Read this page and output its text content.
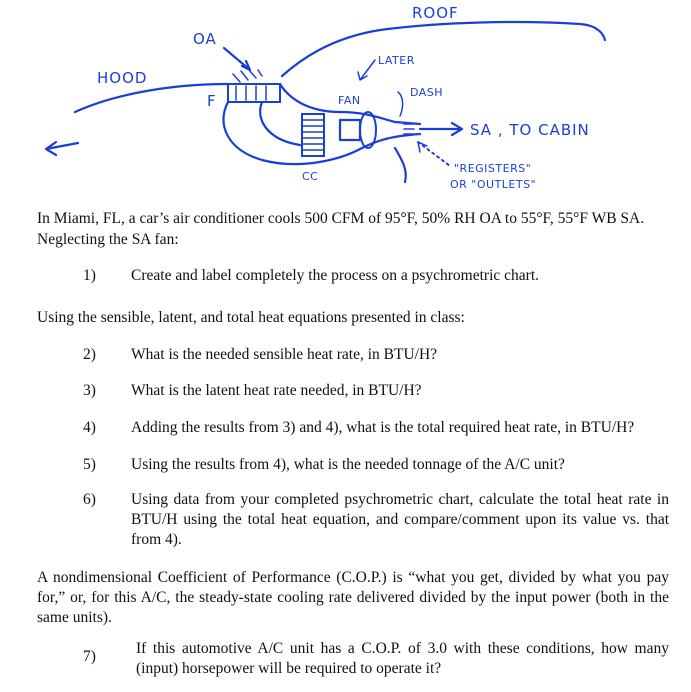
ROOF
OA
HOOD
F
CC
FAN
LATER
DASH
SA , TO CABIN
"REGISTERS"
OR "OUTLETS"
In Miami, FL, a car’s air conditioner cools 500 CFM of 95°F, 50% RH OA to 55°F, 55°F WB SA.
Neglecting the SA fan:
1)	Create and label completely the process on a psychrometric chart.
Using the sensible, latent, and total heat equations presented in class:
2)	What is the needed sensible heat rate, in BTU/H?
3)	What is the latent heat rate needed, in BTU/H?
4)	Adding the results from 3) and 4), what is the total required heat rate, in BTU/H?
5)	Using the results from 4), what is the needed tonnage of the A/C unit?
6)	Using data from your completed psychrometric chart, calculate the total heat rate in BTU/H using the total heat equation, and compare/comment upon its value vs. that from 4).
A nondimensional Coefficient of Performance (C.O.P.) is “what you get, divided by what you pay for,” or, for this A/C, the steady-state cooling rate delivered divided by the input power (both in the same units).
7)	If this automotive A/C unit has a C.O.P. of 3.0 with these conditions, how many (input) horsepower will be required to operate it?
